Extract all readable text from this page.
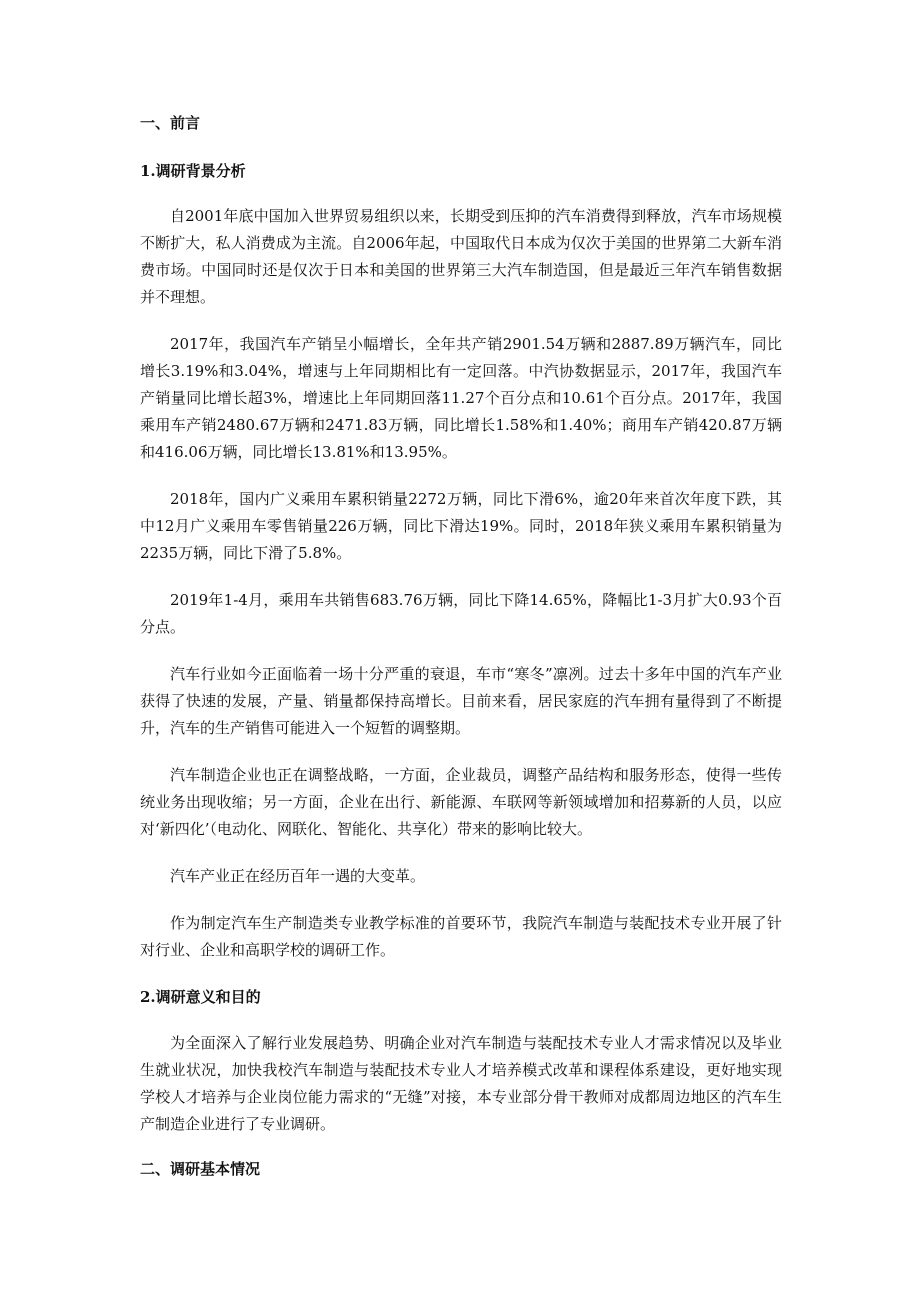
一、前言
1.调研背景分析

自2001年底中国加入世界贸易组织以来，长期受到压抑的汽车消费得到释放，汽车市场规模不断扩大，私人消费成为主流。自2006年起，中国取代日本成为仅次于美国的世界第二大新车消费市场。中国同时还是仅次于日本和美国的世界第三大汽车制造国，但是最近三年汽车销售数据并不理想。

2017年，我国汽车产销呈小幅增长，全年共产销2901.54万辆和2887.89万辆汽车，同比增长3.19%和3.04%，增速与上年同期相比有一定回落。中汽协数据显示，2017年，我国汽车产销量同比增长超3%，增速比上年同期回落11.27个百分点和10.61个百分点。2017年，我国乘用车产销2480.67万辆和2471.83万辆，同比增长1.58%和1.40%；商用车产销420.87万辆和416.06万辆，同比增长13.81%和13.95%。

2018年，国内广义乘用车累积销量2272万辆，同比下滑6%，逾20年来首次年度下跌，其中12月广义乘用车零售销量226万辆，同比下滑达19%。同时，2018年狭义乘用车累积销量为2235万辆，同比下滑了5.8%。

2019年1-4月，乘用车共销售683.76万辆，同比下降14.65%，降幅比1-3月扩大0.93个百分点。

汽车行业如今正面临着一场十分严重的衰退，车市“寒冬”凛冽。过去十多年中国的汽车产业获得了快速的发展，产量、销量都保持高增长。目前来看，居民家庭的汽车拥有量得到了不断提升，汽车的生产销售可能进入一个短暂的调整期。

汽车制造企业也正在调整战略，一方面，企业裁员，调整产品结构和服务形态，使得一些传统业务出现收缩；另一方面，企业在出行、新能源、车联网等新领域增加和招募新的人员，以应对‘新四化’（电动化、网联化、智能化、共享化）带来的影响比较大。

汽车产业正在经历百年一遇的大变革。

作为制定汽车生产制造类专业教学标准的首要环节，我院汽车制造与装配技术专业开展了针对行业、企业和高职学校的调研工作。

2.调研意义和目的

为全面深入了解行业发展趋势、明确企业对汽车制造与装配技术专业人才需求情况以及毕业生就业状况，加快我校汽车制造与装配技术专业人才培养模式改革和课程体系建设，更好地实现学校人才培养与企业岗位能力需求的“无缝”对接，本专业部分骨干教师对成都周边地区的汽车生产制造企业进行了专业调研。

二、调研基本情况
